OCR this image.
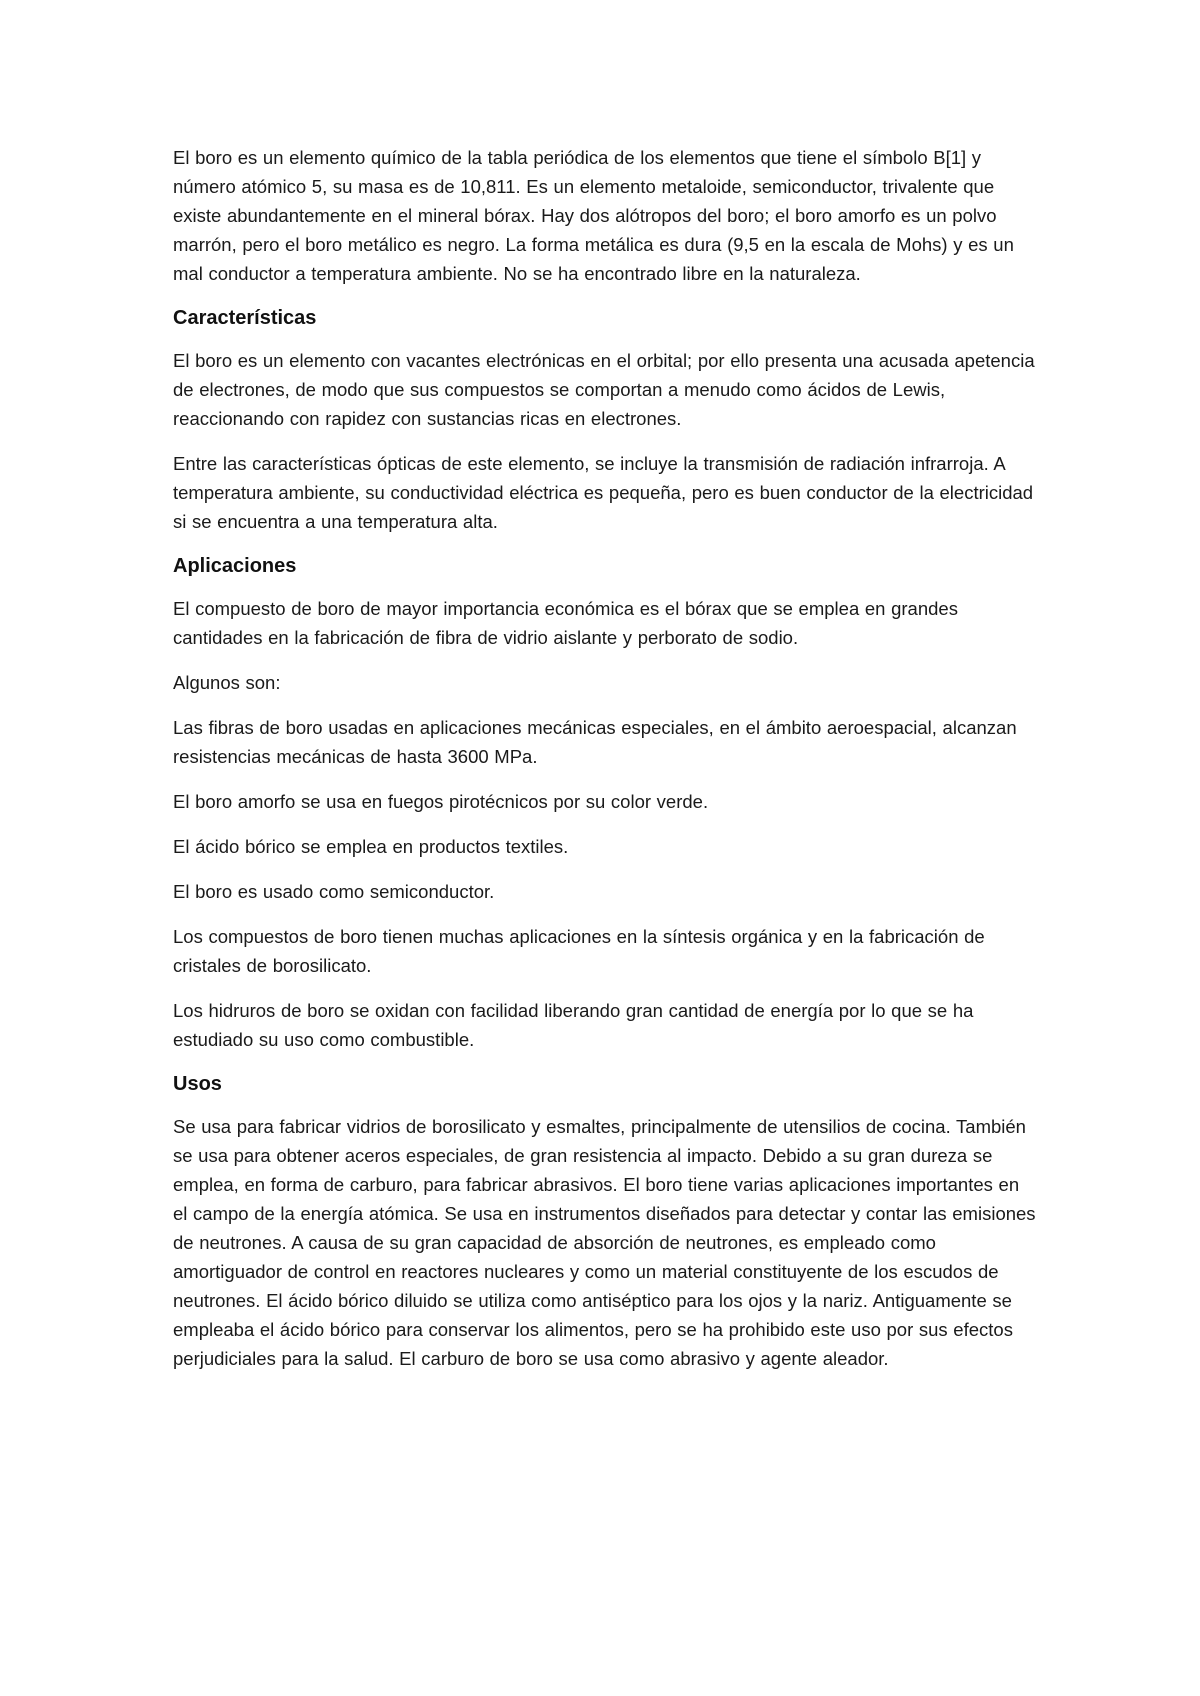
El boro es un elemento químico de la tabla periódica de los elementos que tiene el símbolo B[1] y número atómico 5, su masa es de 10,811. Es un elemento metaloide, semiconductor, trivalente que existe abundantemente en el mineral bórax. Hay dos alótropos del boro; el boro amorfo es un polvo marrón, pero el boro metálico es negro. La forma metálica es dura (9,5 en la escala de Mohs) y es un mal conductor a temperatura ambiente. No se ha encontrado libre en la naturaleza.

Características

El boro es un elemento con vacantes electrónicas en el orbital; por ello presenta una acusada apetencia de electrones, de modo que sus compuestos se comportan a menudo como ácidos de Lewis, reaccionando con rapidez con sustancias ricas en electrones.

Entre las características ópticas de este elemento, se incluye la transmisión de radiación infrarroja. A temperatura ambiente, su conductividad eléctrica es pequeña, pero es buen conductor de la electricidad si se encuentra a una temperatura alta.

Aplicaciones

El compuesto de boro de mayor importancia económica es el bórax que se emplea en grandes cantidades en la fabricación de fibra de vidrio aislante y perborato de sodio.

Algunos son:

Las fibras de boro usadas en aplicaciones mecánicas especiales, en el ámbito aeroespacial, alcanzan resistencias mecánicas de hasta 3600 MPa.

El boro amorfo se usa en fuegos pirotécnicos por su color verde.

El ácido bórico se emplea en productos textiles.

El boro es usado como semiconductor.

Los compuestos de boro tienen muchas aplicaciones en la síntesis orgánica y en la fabricación de cristales de borosilicato.

Los hidruros de boro se oxidan con facilidad liberando gran cantidad de energía por lo que se ha estudiado su uso como combustible.

Usos

Se usa para fabricar vidrios de borosilicato y esmaltes, principalmente de utensilios de cocina. También se usa para obtener aceros especiales, de gran resistencia al impacto. Debido a su gran dureza se emplea, en forma de carburo, para fabricar abrasivos. El boro tiene varias aplicaciones importantes en el campo de la energía atómica. Se usa en instrumentos diseñados para detectar y contar las emisiones de neutrones. A causa de su gran capacidad de absorción de neutrones, es empleado como amortiguador de control en reactores nucleares y como un material constituyente de los escudos de neutrones. El ácido bórico diluido se utiliza como antiséptico para los ojos y la nariz. Antiguamente se empleaba el ácido bórico para conservar los alimentos, pero se ha prohibido este uso por sus efectos perjudiciales para la salud. El carburo de boro se usa como abrasivo y agente aleador.
